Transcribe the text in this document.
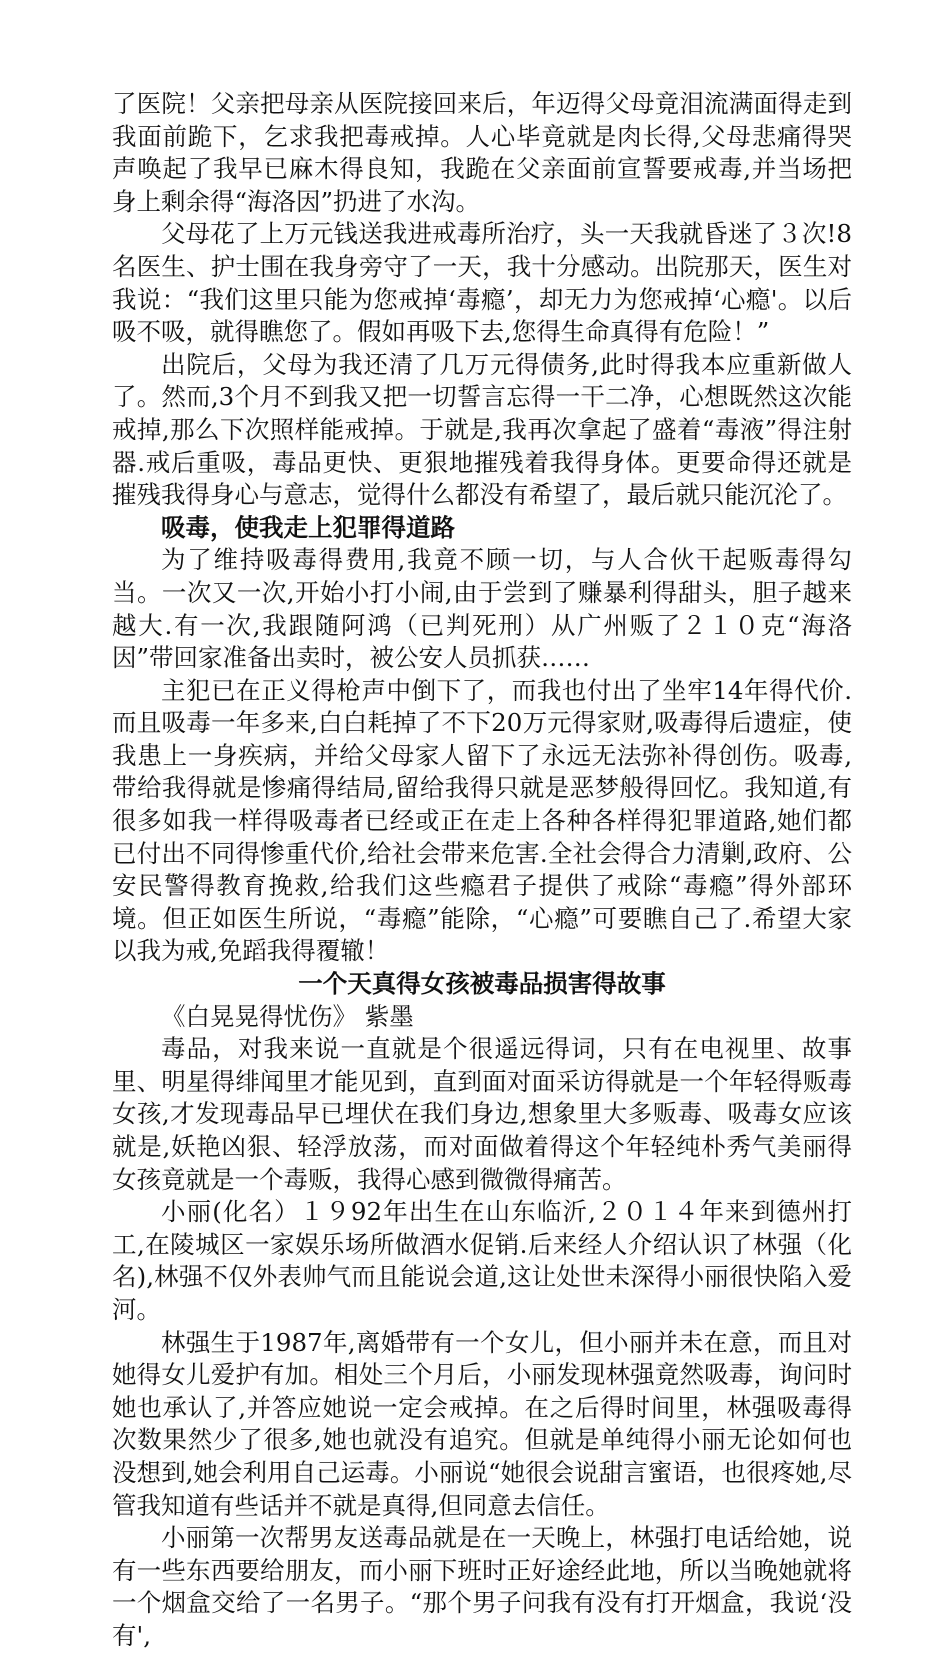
了医院！父亲把母亲从医院接回来后，年迈得父母竟泪流满面得走到我面前跪下，乞求我把毒戒掉。人心毕竟就是肉长得,父母悲痛得哭声唤起了我早已麻木得良知，我跪在父亲面前宣誓要戒毒,并当场把身上剩余得“海洛因”扔进了水沟。

父母花了上万元钱送我进戒毒所治疗，头一天我就昏迷了３次!8名医生、护士围在我身旁守了一天，我十分感动。出院那天，医生对我说：“我们这里只能为您戒掉‘毒瘾’，却无力为您戒掉‘心瘾'。以后吸不吸，就得瞧您了。假如再吸下去,您得生命真得有危险！”

出院后，父母为我还清了几万元得债务,此时得我本应重新做人了。然而,3个月不到我又把一切誓言忘得一干二净，心想既然这次能戒掉,那么下次照样能戒掉。于就是,我再次拿起了盛着“毒液”得注射器.戒后重吸，毒品更快、更狠地摧残着我得身体。更要命得还就是摧残我得身心与意志，觉得什么都没有希望了，最后就只能沉沦了。

吸毒，使我走上犯罪得道路

为了维持吸毒得费用,我竟不顾一切，与人合伙干起贩毒得勾当。一次又一次,开始小打小闹,由于尝到了赚暴利得甜头，胆子越来越大.有一次,我跟随阿鸿（已判死刑）从广州贩了２１０克“海洛因”带回家准备出卖时，被公安人员抓获……

主犯已在正义得枪声中倒下了，而我也付出了坐牢14年得代价.而且吸毒一年多来,白白耗掉了不下20万元得家财,吸毒得后遗症，使我患上一身疾病，并给父母家人留下了永远无法弥补得创伤。吸毒,带给我得就是惨痛得结局,留给我得只就是恶梦般得回忆。我知道,有很多如我一样得吸毒者已经或正在走上各种各样得犯罪道路,她们都已付出不同得惨重代价,给社会带来危害.全社会得合力清剿,政府、公安民警得教育挽救,给我们这些瘾君子提供了戒除“毒瘾”得外部环境。但正如医生所说，“毒瘾”能除，“心瘾”可要瞧自己了.希望大家以我为戒,免蹈我得覆辙！

一个天真得女孩被毒品损害得故事

《白晃晃得忧伤》 紫墨

毒品，对我来说一直就是个很遥远得词，只有在电视里、故事里、明星得绯闻里才能见到，直到面对面采访得就是一个年轻得贩毒女孩,才发现毒品早已埋伏在我们身边,想象里大多贩毒、吸毒女应该就是,妖艳凶狠、轻浮放荡，而对面做着得这个年轻纯朴秀气美丽得女孩竟就是一个毒贩，我得心感到微微得痛苦。

小丽(化名）１９92年出生在山东临沂,２０１４年来到德州打工,在陵城区一家娱乐场所做酒水促销.后来经人介绍认识了林强（化名),林强不仅外表帅气而且能说会道,这让处世未深得小丽很快陷入爱河。

林强生于1987年,离婚带有一个女儿，但小丽并未在意，而且对她得女儿爱护有加。相处三个月后，小丽发现林强竟然吸毒，询问时她也承认了,并答应她说一定会戒掉。在之后得时间里，林强吸毒得次数果然少了很多,她也就没有追究。但就是单纯得小丽无论如何也没想到,她会利用自己运毒。小丽说“她很会说甜言蜜语，也很疼她,尽管我知道有些话并不就是真得,但同意去信任。

小丽第一次帮男友送毒品就是在一天晚上，林强打电话给她，说有一些东西要给朋友，而小丽下班时正好途经此地，所以当晚她就将一个烟盒交给了一名男子。“那个男子问我有没有打开烟盒，我说‘没有',
